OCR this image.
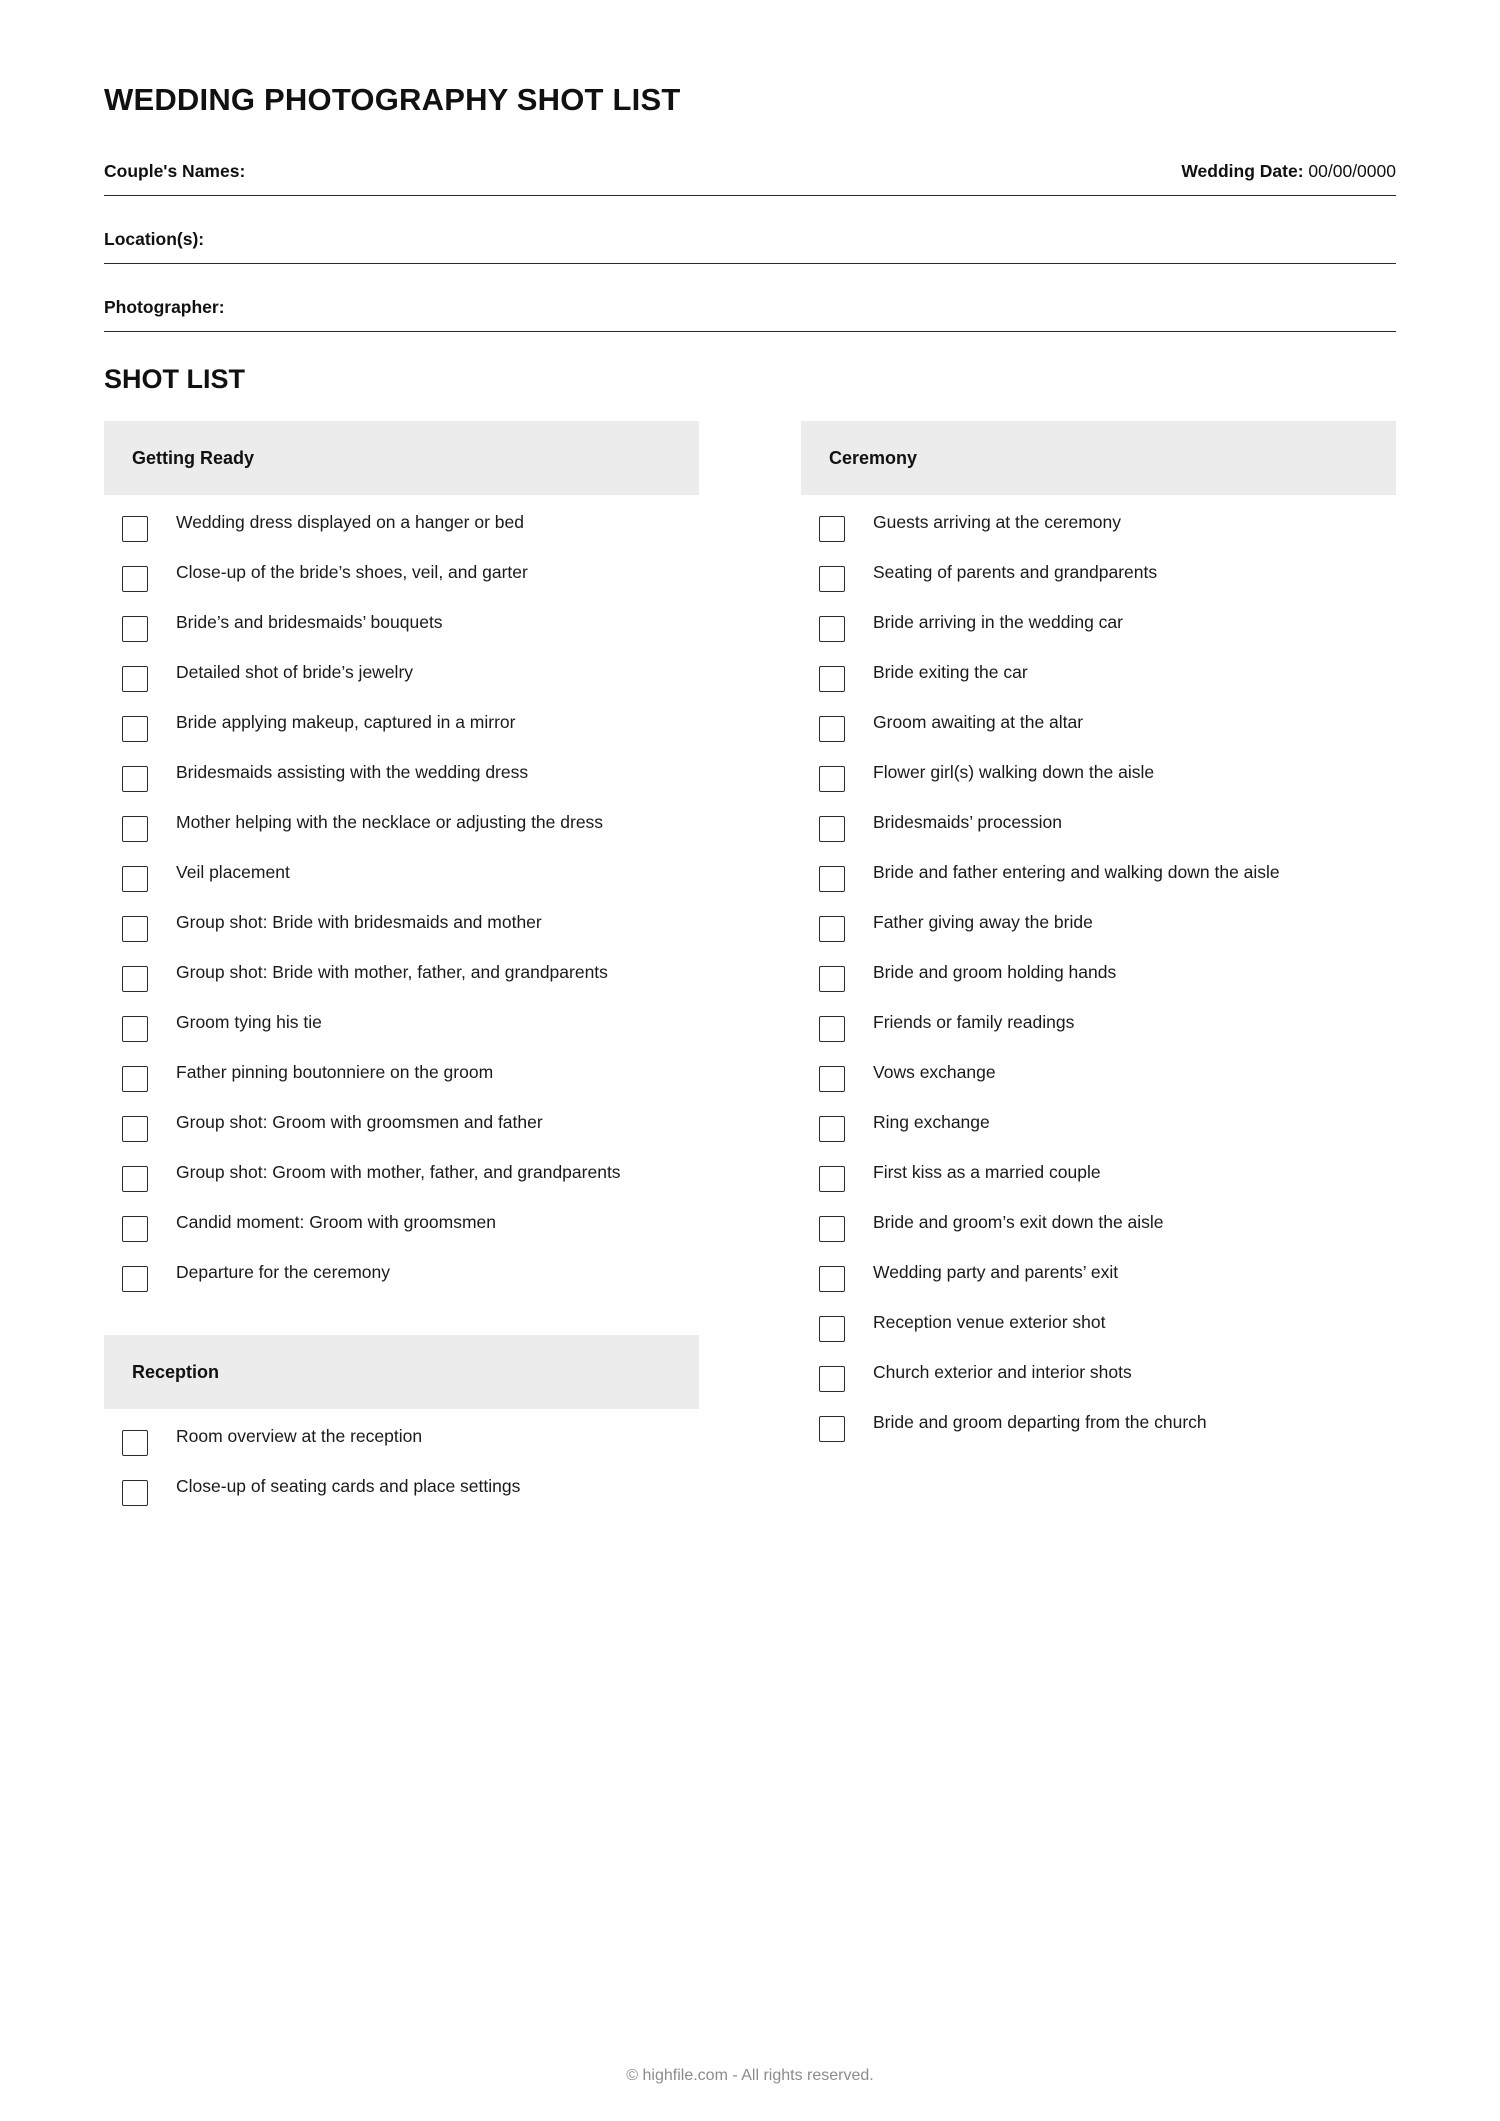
WEDDING PHOTOGRAPHY SHOT LIST
Couple's Names:	Wedding Date: 00/00/0000
Location(s):
Photographer:
SHOT LIST
Getting Ready
Wedding dress displayed on a hanger or bed
Close-up of the bride’s shoes, veil, and garter
Bride’s and bridesmaids’ bouquets
Detailed shot of bride’s jewelry
Bride applying makeup, captured in a mirror
Bridesmaids assisting with the wedding dress
Mother helping with the necklace or adjusting the dress
Veil placement
Group shot: Bride with bridesmaids and mother
Group shot: Bride with mother, father, and grandparents
Groom tying his tie
Father pinning boutonniere on the groom
Group shot: Groom with groomsmen and father
Group shot: Groom with mother, father, and grandparents
Candid moment: Groom with groomsmen
Departure for the ceremony
Reception
Room overview at the reception
Close-up of seating cards and place settings
Ceremony
Guests arriving at the ceremony
Seating of parents and grandparents
Bride arriving in the wedding car
Bride exiting the car
Groom awaiting at the altar
Flower girl(s) walking down the aisle
Bridesmaids’ procession
Bride and father entering and walking down the aisle
Father giving away the bride
Bride and groom holding hands
Friends or family readings
Vows exchange
Ring exchange
First kiss as a married couple
Bride and groom’s exit down the aisle
Wedding party and parents’ exit
Reception venue exterior shot
Church exterior and interior shots
Bride and groom departing from the church
© highfile.com - All rights reserved.
